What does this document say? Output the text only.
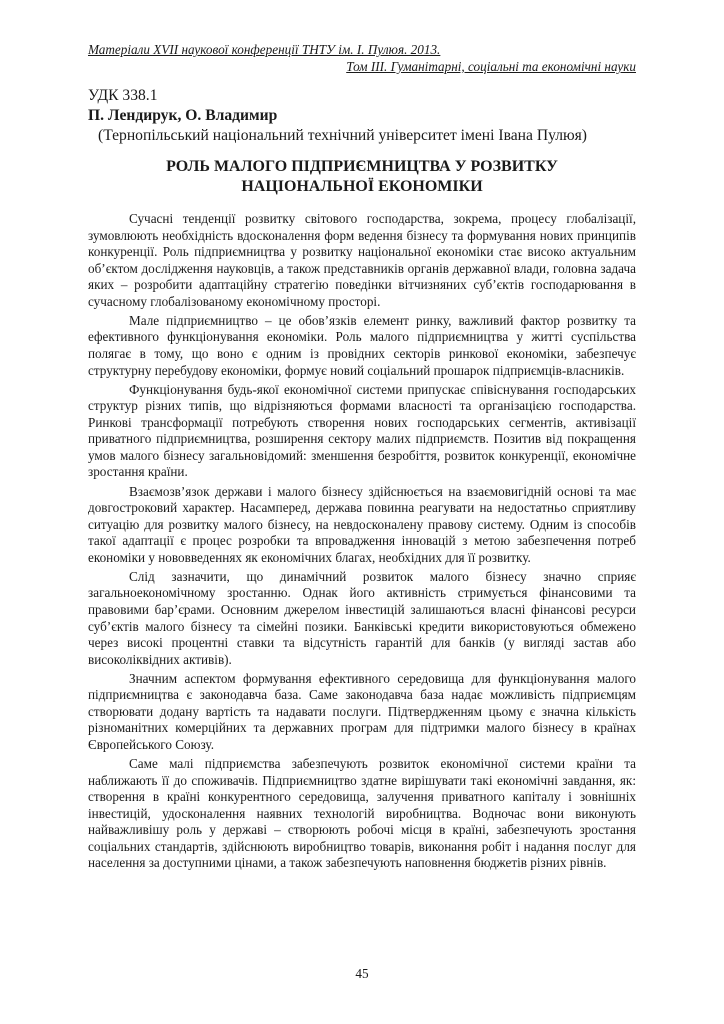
Матеріали XVII наукової конференції ТНТУ ім. І. Пулюя. 2013.
Том ІІІ. Гуманітарні, соціальні та економічні науки
УДК 338.1
П. Лендирук, О. Владимир
(Тернопільський національний технічний університет імені Івана Пулюя)
РОЛЬ МАЛОГО ПІДПРИЄМНИЦТВА У РОЗВИТКУ
НАЦІОНАЛЬНОЇ ЕКОНОМІКИ

Сучасні тенденції розвитку світового господарства, зокрема, процесу глобалізації, зумовлюють необхідність вдосконалення форм ведення бізнесу та формування нових принципів конкуренції. Роль підприємництва у розвитку національної економіки стає високо актуальним об’єктом дослідження науковців, а також представників органів державної влади, головна задача яких – розробити адаптаційну стратегію поведінки вітчизняних суб’єктів господарювання в сучасному глобалізованому економічному просторі.

Мале підприємництво – це обов’язків елемент ринку, важливий фактор розвитку та ефективного функціонування економіки. Роль малого підприємництва у житті суспільства полягає в тому, що воно є одним із провідних секторів ринкової економіки, забезпечує структурну перебудову економіки, формує новий соціальний прошарок підприємців-власників.

Функціонування будь-якої економічної системи припускає співіснування господарських структур різних типів, що відрізняються формами власності та організацією господарства. Ринкові трансформації потребують створення нових господарських сегментів, активізації приватного підприємництва, розширення сектору малих підприємств. Позитив від покращення умов малого бізнесу загальновідомий: зменшення безробіття, розвиток конкуренції, економічне зростання країни.

Взаємозв’язок держави і малого бізнесу здійснюється на взаємовигідній основі та має довгостроковий характер. Насамперед, держава повинна реагувати на недостатньо сприятливу ситуацію для розвитку малого бізнесу, на невдосконалену правову систему. Одним із способів такої адаптації є процес розробки та впровадження інновацій з метою забезпечення потреб економіки у нововведеннях як економічних благах, необхідних для її розвитку.

Слід зазначити, що динамічний розвиток малого бізнесу значно сприяє загальноекономічному зростанню. Однак його активність стримується фінансовими та правовими бар’єрами. Основним джерелом інвестицій залишаються власні фінансові ресурси суб’єктів малого бізнесу та сімейні позики. Банківські кредити використовуються обмежено через високі процентні ставки та відсутність гарантій для банків (у вигляді застав або високоліквідних активів).

Значним аспектом формування ефективного середовища для функціонування малого підприємництва є законодавча база. Саме законодавча база надає можливість підприємцям створювати додану вартість та надавати послуги. Підтвердженням цьому є значна кількість різноманітних комерційних та державних програм для підтримки малого бізнесу в країнах Європейського Союзу.

Саме малі підприємства забезпечують розвиток економічної системи країни та наближають її до споживачів. Підприємництво здатне вирішувати такі економічні завдання, як: створення в країні конкурентного середовища, залучення приватного капіталу і зовнішніх інвестицій, удосконалення наявних технологій виробництва. Водночас вони виконують найважливішу роль у державі – створюють робочі місця в країні, забезпечують зростання соціальних стандартів, здійснюють виробництво товарів, виконання робіт і надання послуг для населення за доступними цінами, а також забезпечують наповнення бюджетів різних рівнів.

45
